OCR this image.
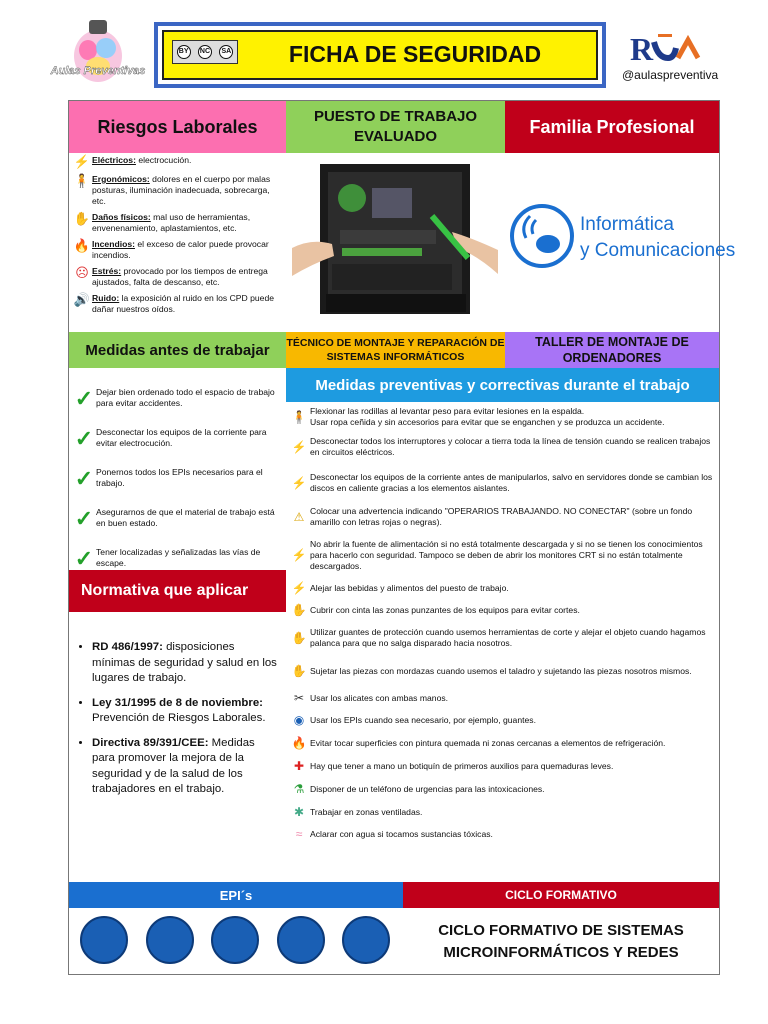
Aulas Preventivas
BY	NC	SA	FICHA DE SEGURIDAD	R
@aulaspreventiva
Riesgos Laborales	PUESTO DE TRABAJO EVALUADO	Familia Profesional
⚡ Eléctricos: electrocución.
🧍 Ergonómicos: dolores en el cuerpo por malas posturas, iluminación inadecuada, sobrecarga, etc.
✋ Daños físicos: mal uso de herramientas, envenenamiento, aplastamientos, etc.
🔥 Incendios: el exceso de calor puede provocar incendios.
☹ Estrés: provocado por los tiempos de entrega ajustados, falta de descanso, etc.
🔊 Ruido: la exposición al ruido en los CPD puede dañar nuestros oídos.
Informática
y Comunicaciones
Medidas antes de trabajar	TÉCNICO DE MONTAJE Y REPARACIÓN DE SISTEMAS INFORMÁTICOS
TALLER DE MONTAJE DE ORDENADORES
Medidas preventivas y correctivas durante el trabajo
✓ Dejar bien ordenado todo el espacio de trabajo para evitar accidentes.
✓ Desconectar los equipos de la corriente para evitar electrocución.
✓ Ponernos todos los EPIs necesarios para el trabajo.
✓ Asegurarnos de que el material de trabajo está en buen estado.
✓ Tener localizadas y señalizadas las vías de escape.
Normativa que aplicar
• RD 486/1997: disposiciones mínimas de seguridad y salud en los lugares de trabajo.
• Ley 31/1995 de 8 de noviembre: Prevención de Riesgos Laborales.
• Directiva 89/391/CEE: Medidas para promover la mejora de la seguridad y de la salud de los trabajadores en el trabajo.
🧍 Flexionar las rodillas al levantar peso para evitar lesiones en la espalda.
Usar ropa ceñida y sin accesorios para evitar que se enganchen y se produzca un accidente.
⚡ Desconectar todos los interruptores y colocar a tierra toda la línea de tensión cuando se realicen trabajos en circuitos eléctricos.
⚡ Desconectar los equipos de la corriente antes de manipularlos, salvo en servidores donde se cambian los discos en caliente gracias a los elementos aislantes.
⚠ Colocar una advertencia indicando "OPERARIOS TRABAJANDO. NO CONECTAR" (sobre un fondo amarillo con letras rojas o negras).
⚡
No abrir la fuente de alimentación si no está totalmente descargada y si no se tienen los conocimientos para hacerlo con seguridad. Tampoco se deben de abrir los monitores CRT si no están totalmente descargados.
⚡ Alejar las bebidas y alimentos del puesto de trabajo.
✋ Cubrir con cinta las zonas punzantes de los equipos para evitar cortes.
✋ Utilizar guantes de protección cuando usemos herramientas de corte y alejar el objeto cuando hagamos palanca para que no salga disparado hacia nosotros.
✋ Sujetar las piezas con mordazas cuando usemos el taladro y sujetando las piezas nosotros mismos.
✂ Usar los alicates con ambas manos.
◉ Usar los EPIs cuando sea necesario, por ejemplo, guantes.
🔥 Evitar tocar superficies con pintura quemada ni zonas cercanas a elementos de refrigeración.
✚ Hay que tener a mano un botiquín de primeros auxilios para quemaduras leves.
⚗ Disponer de un teléfono de urgencias para las intoxicaciones.
✱ Trabajar en zonas ventiladas.
≈ Aclarar con agua si tocamos sustancias tóxicas.
EPI´s	CICLO FORMATIVO
CICLO FORMATIVO DE SISTEMAS MICROINFORMÁTICOS Y REDES
